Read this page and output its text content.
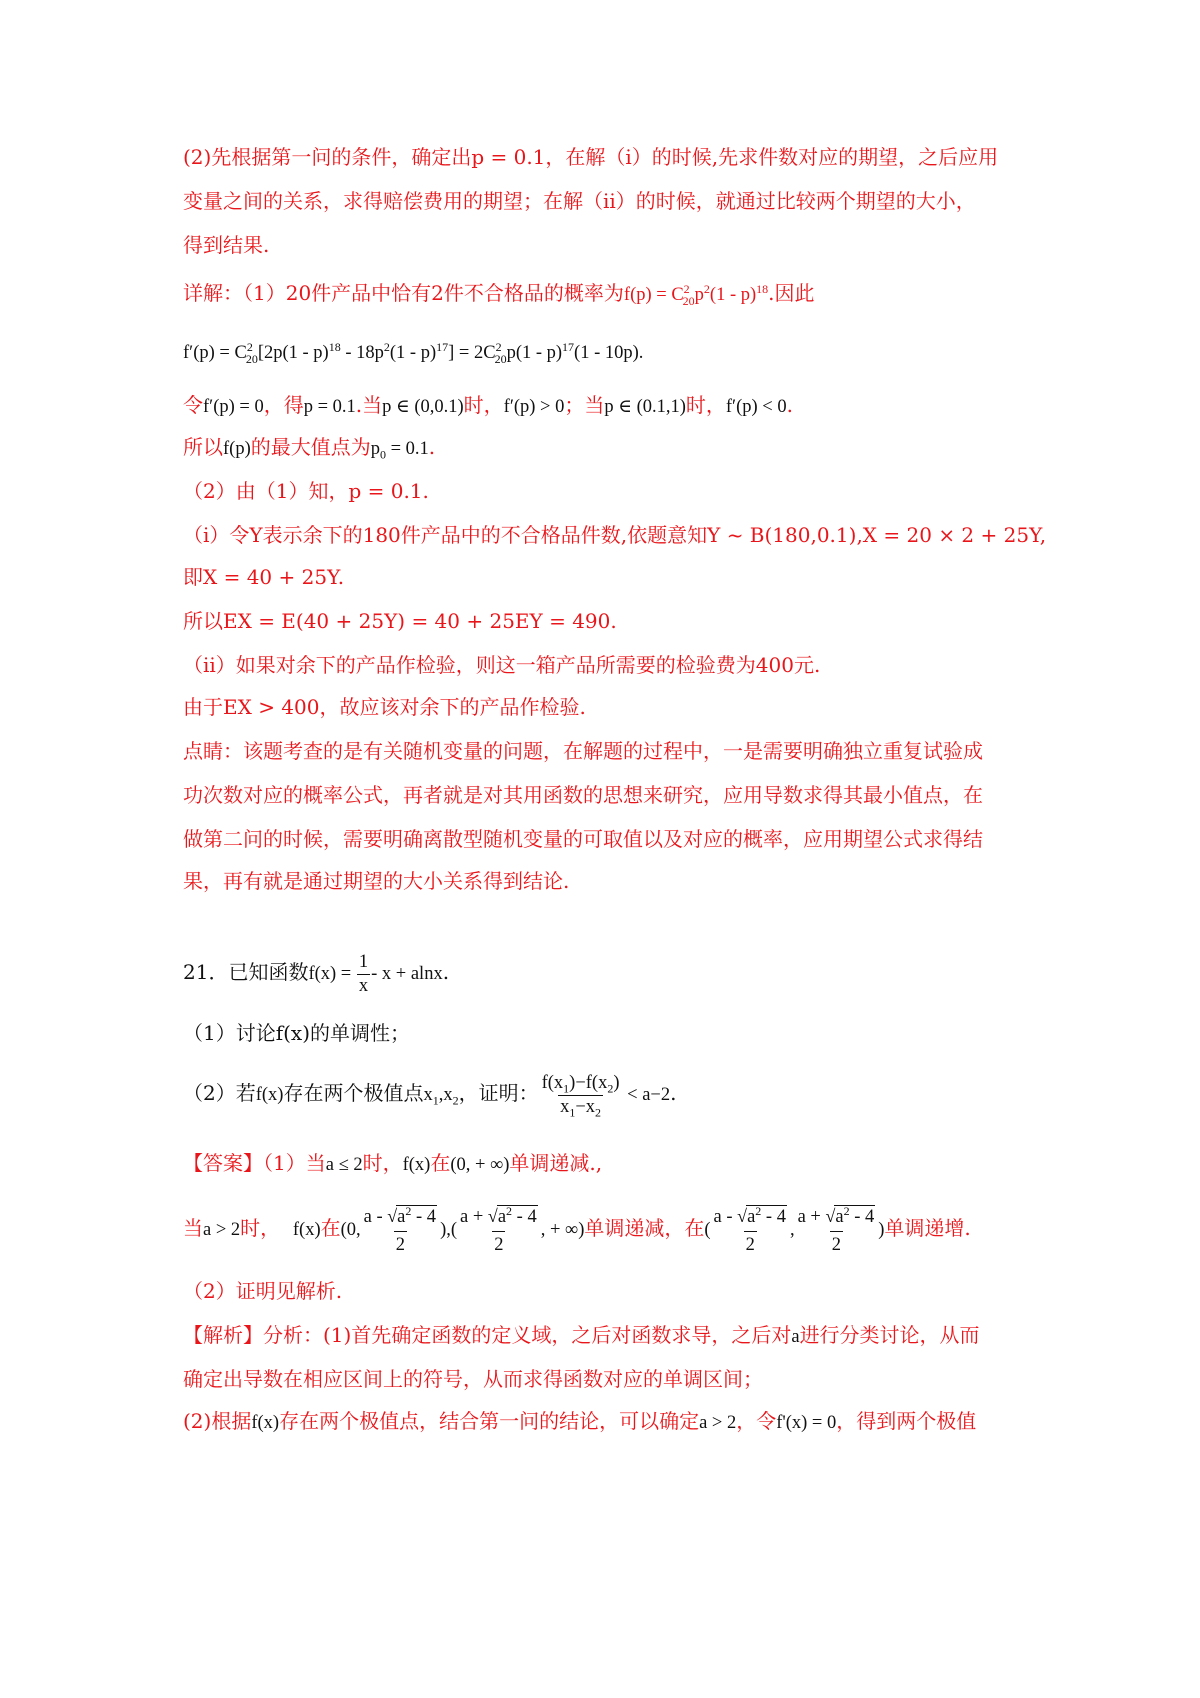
(2)先根据第一问的条件，确定出p = 0.1，在解（i）的时候,先求件数对应的期望，之后应用
变量之间的关系，求得赔偿费用的期望；在解（ii）的时候，就通过比较两个期望的大小，
得到结果.
详解：（1）20件产品中恰有2件不合格品的概率为$f(p) = C^2_{20}p^2(1 - p)^{18}$.因此
$f'(p) = C^2_{20}[2p(1 - p)^{18} - 18p^2(1 - p)^{17}] = 2C^2_{20}p(1 - p)^{17}(1 - 10p)$.
令f′(p) = 0，得p = 0.1.当p ∈ (0,0.1)时，f′(p) > 0；当p ∈ (0.1,1)时，f′(p) < 0.
所以f(p)的最大值点为$p_0 = 0.1$.
（2）由（1）知，p = 0.1.
（i）令Y表示余下的180件产品中的不合格品件数,依题意知Y ~ B(180,0.1),X = 20 × 2 + 25Y,
即X = 40 + 25Y.
所以EX = E(40 + 25Y) = 40 + 25EY = 490.
（ii）如果对余下的产品作检验，则这一箱产品所需要的检验费为400元.
由于EX > 400，故应该对余下的产品作检验.
点睛：该题考查的是有关随机变量的问题，在解题的过程中，一是需要明确独立重复试验成
功次数对应的概率公式，再者就是对其用函数的思想来研究，应用导数求得其最小值点，在
做第二问的时候，需要明确离散型随机变量的可取值以及对应的概率，应用期望公式求得结
果，再有就是通过期望的大小关系得到结论.
21．已知函数$f(x) = \frac{1}{x} - x + alnx$.
（1）讨论f(x)的单调性；
（2）若f(x)存在两个极值点$x_1,x_2$，证明： $\frac{f(x_1)-f(x_2)}{x_1-x_2} < a-2$.
【答案】（1）当a ≤ 2时，f(x)在(0, + ∞)单调递减.,
当a > 2时，  f(x)在(0, $\frac{a - √a^2 - 4}{2}$ ),( $\frac{a + √a^2 - 4}{2}$ , + ∞)单调递减，在( $\frac{a - √a^2 - 4}{2}$ , $\frac{a + √a^2 - 4}{2}$ )单调递增.
（2）证明见解析.
【解析】分析：(1)首先确定函数的定义域，之后对函数求导，之后对a进行分类讨论，从而
确定出导数在相应区间上的符号，从而求得函数对应的单调区间；
(2)根据f(x)存在两个极值点，结合第一问的结论，可以确定a > 2，令f'(x) = 0，得到两个极值
